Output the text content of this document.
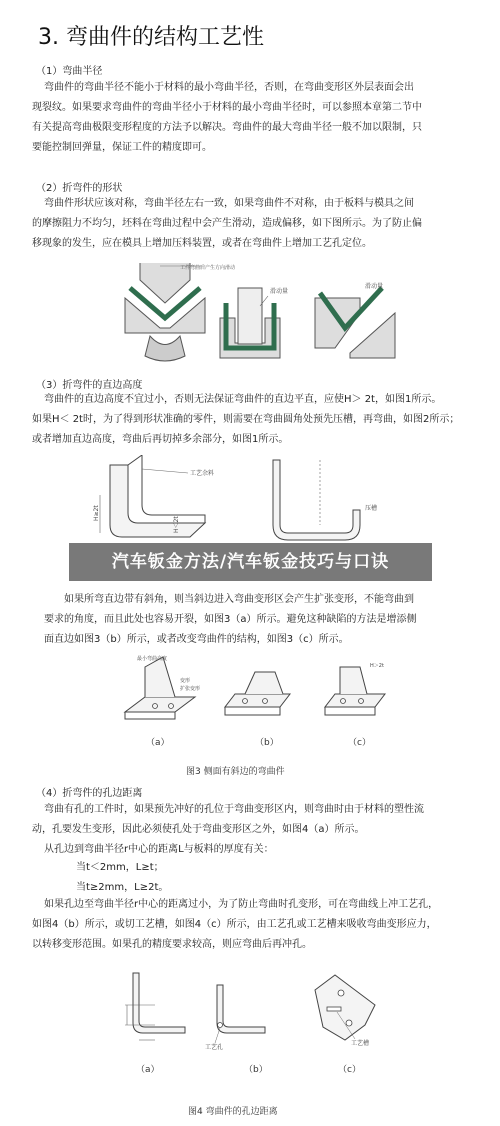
3. 弯曲件的结构工艺性
（1）弯曲半径
弯曲件的弯曲半径不能小于材料的最小弯曲半径，否则，在弯曲变形区外层表面会出
现裂纹。如果要求弯曲件的弯曲半径小于材料的最小弯曲半径时，可以参照本章第二节中
有关提高弯曲极限变形程度的方法予以解决。弯曲件的最大弯曲半径一般不加以限制，只
要能控制回弹量，保证工件的精度即可。
（2）折弯件的形状
弯曲件形状应该对称，弯曲半径左右一致，如果弯曲件不对称，由于板料与模具之间
的摩擦阻力不均匀，坯料在弯曲过程中会产生滑动，造成偏移，如下图所示。为了防止偏
移现象的发生，应在模具上增加压料装置，或者在弯曲件上增加工艺孔定位。
工件弯曲后产生方向滑动
滑动量
滑动量
（3）折弯件的直边高度
弯曲件的直边高度不宜过小，否则无法保证弯曲件的直边平直，应使H＞ 2t，如图1所示。
如果H＜ 2t时，为了得到形状准确的零件，则需要在弯曲圆角处预先压槽，再弯曲，如图2所示；
或者增加直边高度，弯曲后再切掉多余部分，如图1所示。
H≥2t
工艺余料
H＜2t
压槽
汽车钣金方法/汽车钣金技巧与口诀
如果所弯直边带有斜角，则当斜边进入弯曲变形区会产生扩张变形，不能弯曲到
要求的角度，而且此处也容易开裂，如图3（a）所示。避免这种缺陷的方法是增添侧
面直边如图3（b）所示，或者改变弯曲件的结构，如图3（c）所示。
最小弯曲高度
变形
扩张变形
H＞2t
（a）	（b）	（c）
图3 侧面有斜边的弯曲件
（4）折弯件的孔边距离
弯曲有孔的工件时，如果预先冲好的孔位于弯曲变形区内，则弯曲时由于材料的塑性流
动，孔要发生变形，因此必须使孔处于弯曲变形区之外，如图4（a）所示。
从孔边到弯曲半径r中心的距离L与板料的厚度有关：
当t＜2mm，L≥t；
当t≥2mm，L≥2t。
如果孔边至弯曲半径r中心的距离过小，为了防止弯曲时孔变形，可在弯曲线上冲工艺孔，
如图4（b）所示，或切工艺槽，如图4（c）所示，由工艺孔或工艺槽来吸收弯曲变形应力，
以转移变形范围。如果孔的精度要求较高，则应弯曲后再冲孔。
工艺孔
工艺槽
（a）	（b）	（c）
图4 弯曲件的孔边距离
